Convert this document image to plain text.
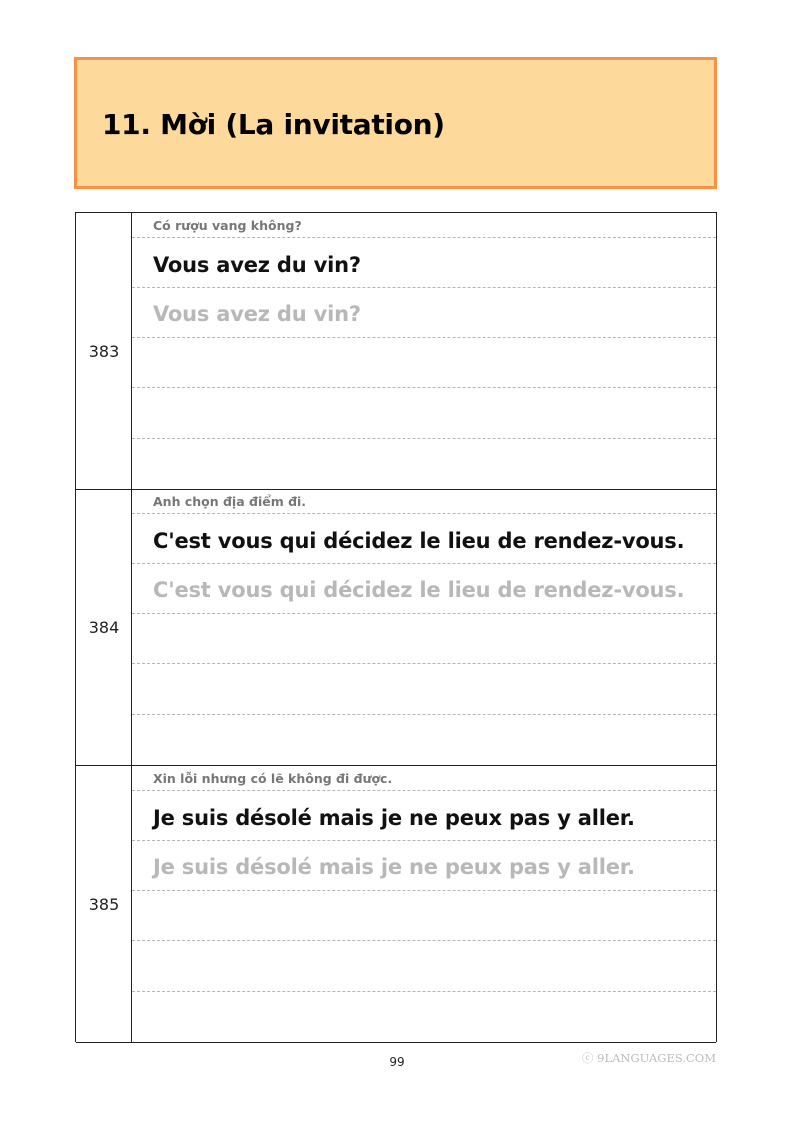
11. Mời (La invitation)
383
Có rượu vang không?
Vous avez du vin?
Vous avez du vin?
384
Anh chọn địa điểm đi.
C'est vous qui décidez le lieu de rendez-vous.
C'est vous qui décidez le lieu de rendez-vous.
385
Xin lỗi nhưng có lẽ không đi được.
Je suis désolé mais je ne peux pas y aller.
Je suis désolé mais je ne peux pas y aller.
99	ⓒ 9LANGUAGES.COM
